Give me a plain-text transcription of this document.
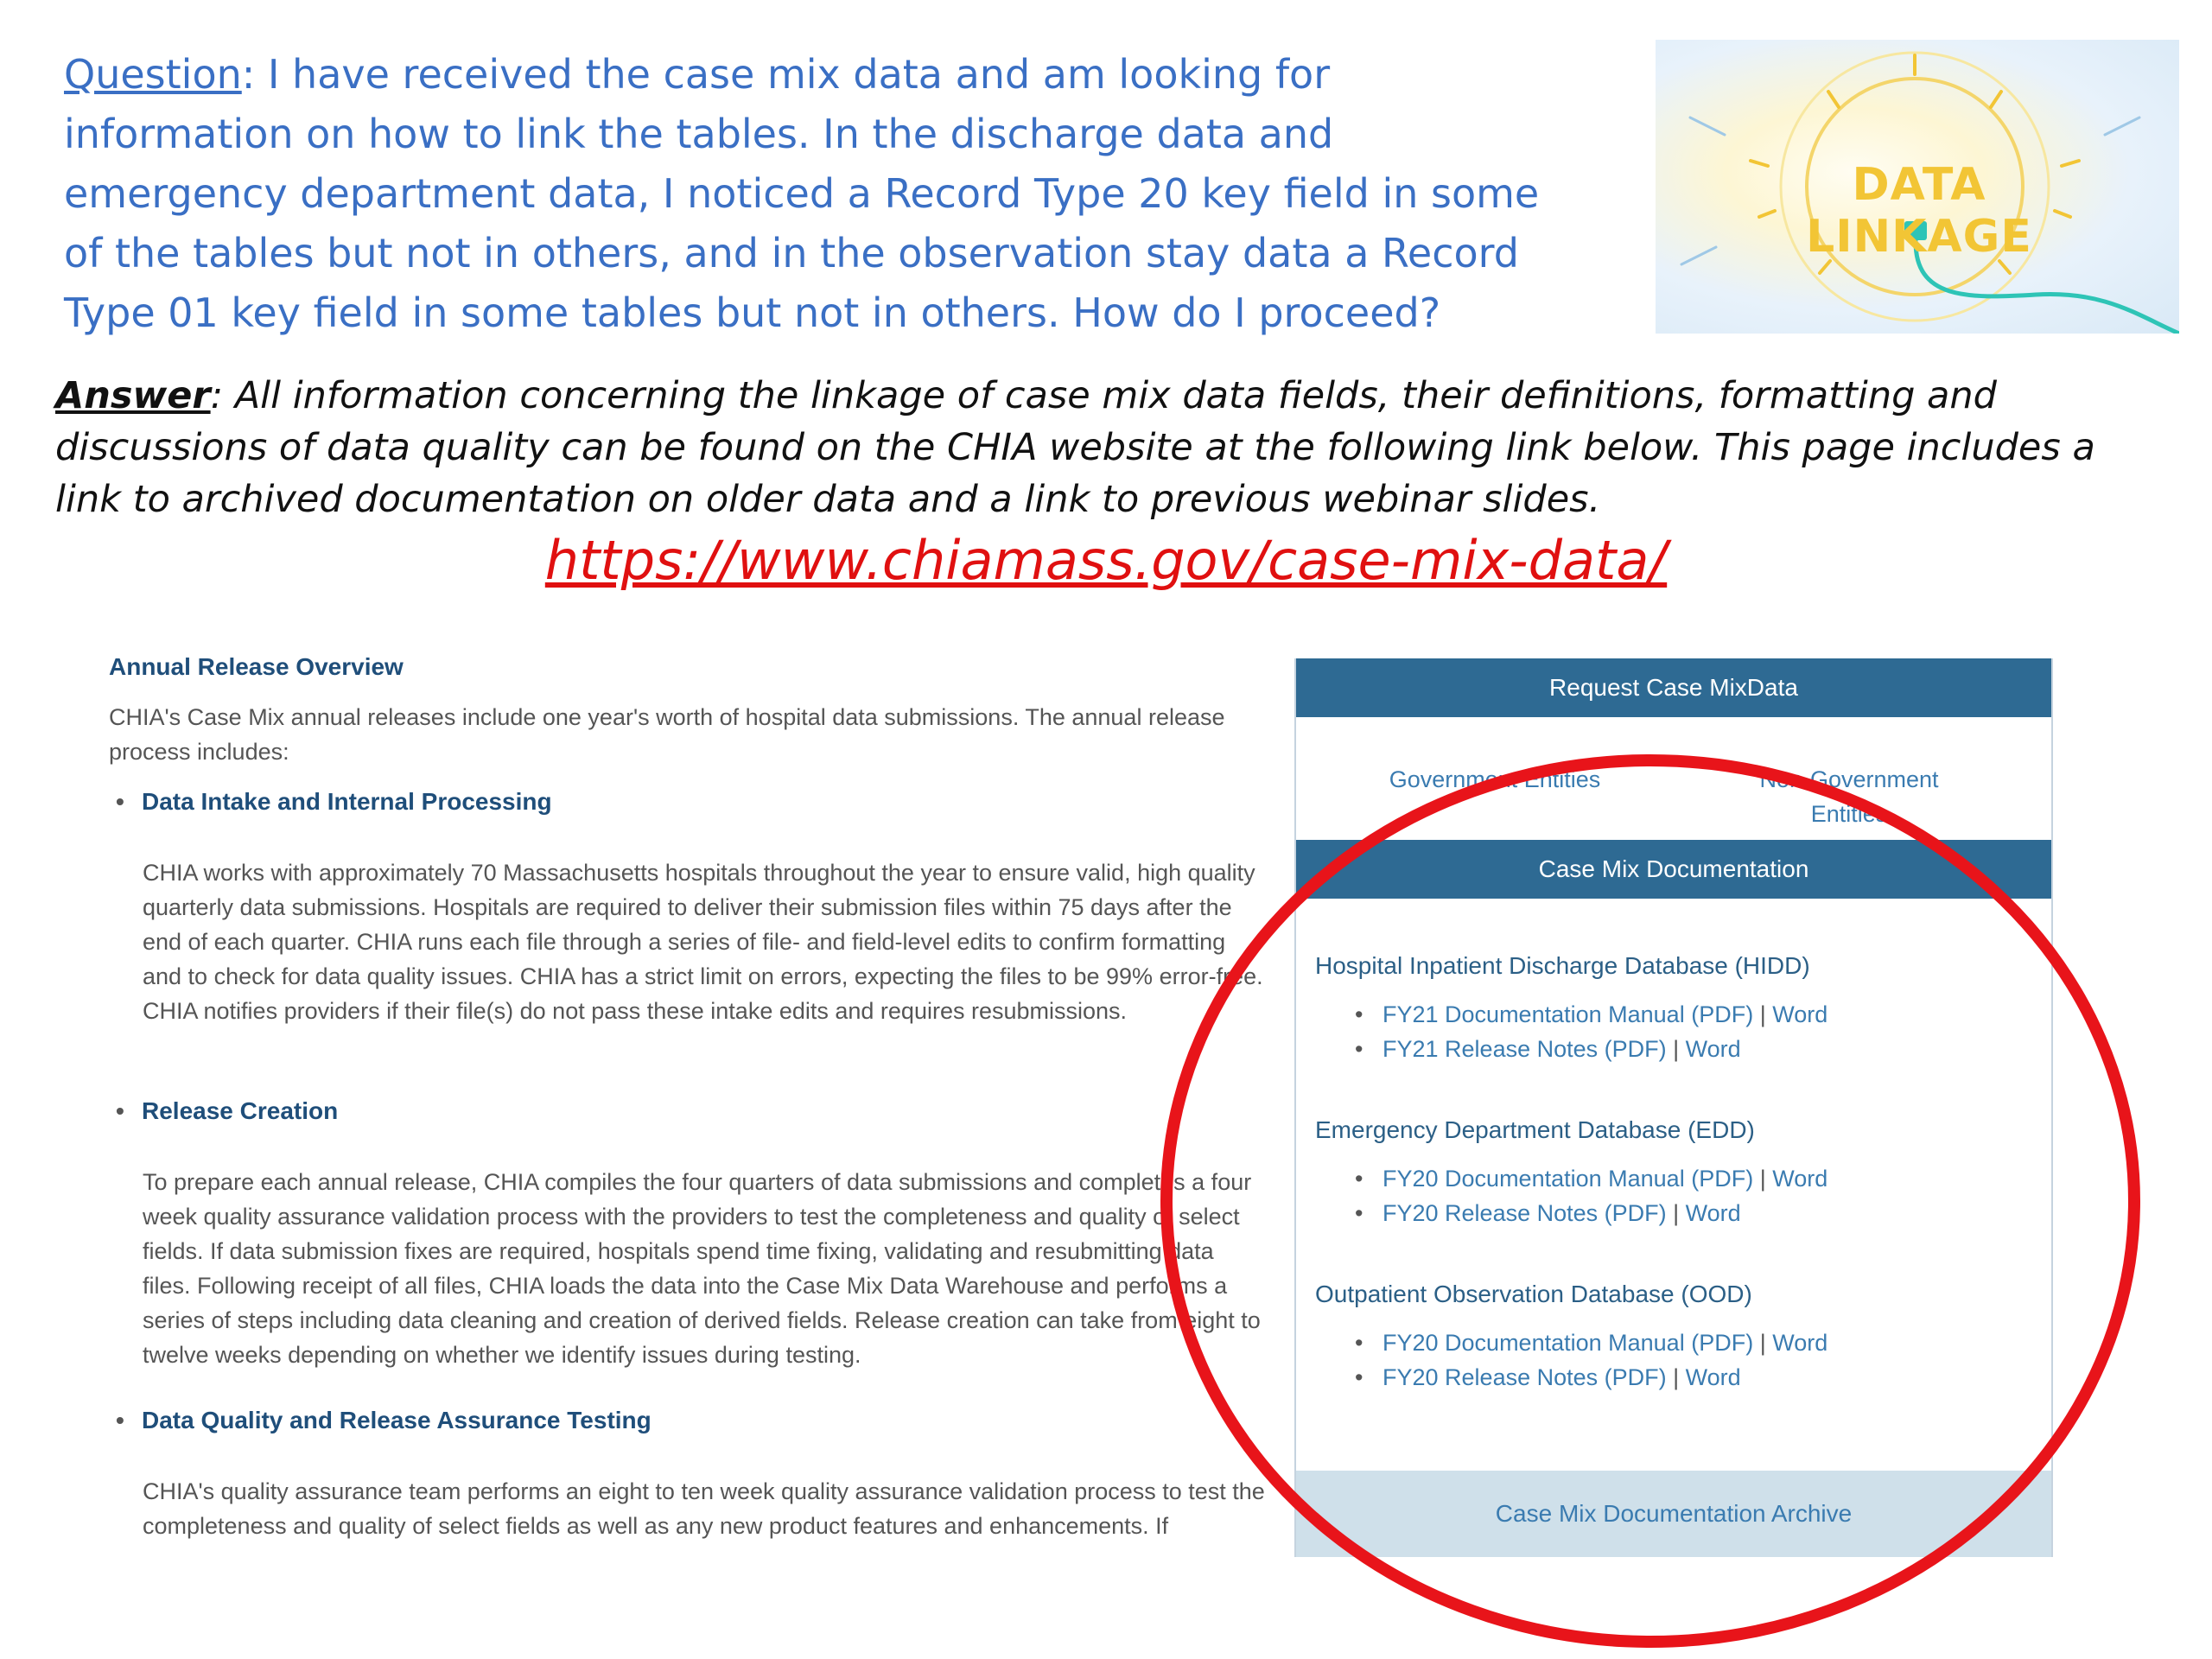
Question: I have received the case mix data and am looking for information on how to link the tables. In the discharge data and emergency department data, I noticed a Record Type 20 key field in some of the tables but not in others, and in the observation stay data a Record Type 01 key field in some tables but not in others. How do I proceed?

DATA LINKAGE

Answer: All information concerning the linkage of case mix data fields, their definitions, formatting and discussions of data quality can be found on the CHIA website at the following link below. This page includes a link to archived documentation on older data and a link to previous webinar slides.

https://www.chiamass.gov/case-mix-data/
Annual Release Overview

CHIA's Case Mix annual releases include one year's worth of hospital data submissions. The annual release process includes:

• Data Intake and Internal Processing

CHIA works with approximately 70 Massachusetts hospitals throughout the year to ensure valid, high quality quarterly data submissions. Hospitals are required to deliver their submission files within 75 days after the end of each quarter. CHIA runs each file through a series of file- and field-level edits to confirm formatting and to check for data quality issues. CHIA has a strict limit on errors, expecting the files to be 99% error-free. CHIA notifies providers if their file(s) do not pass these intake edits and requires resubmissions.

• Release Creation

To prepare each annual release, CHIA compiles the four quarters of data submissions and completes a four week quality assurance validation process with the providers to test the completeness and quality of select fields. If data submission fixes are required, hospitals spend time fixing, validating and resubmitting data files. Following receipt of all files, CHIA loads the data into the Case Mix Data Warehouse and performs a series of steps including data cleaning and creation of derived fields. Release creation can take from eight to twelve weeks depending on whether we identify issues during testing.

• Data Quality and Release Assurance Testing

CHIA's quality assurance team performs an eight to ten week quality assurance validation process to test the completeness and quality of select fields as well as any new product features and enhancements. If

Request Case MixData
Government Entities	Non-Government Entities
Case Mix Documentation
Hospital Inpatient Discharge Database (HIDD)
• FY21 Documentation Manual (PDF) | Word
• FY21 Release Notes (PDF) | Word
Emergency Department Database (EDD)
• FY20 Documentation Manual (PDF) | Word
• FY20 Release Notes (PDF) | Word
Outpatient Observation Database (OOD)
• FY20 Documentation Manual (PDF) | Word
• FY20 Release Notes (PDF) | Word
Case Mix Documentation Archive
